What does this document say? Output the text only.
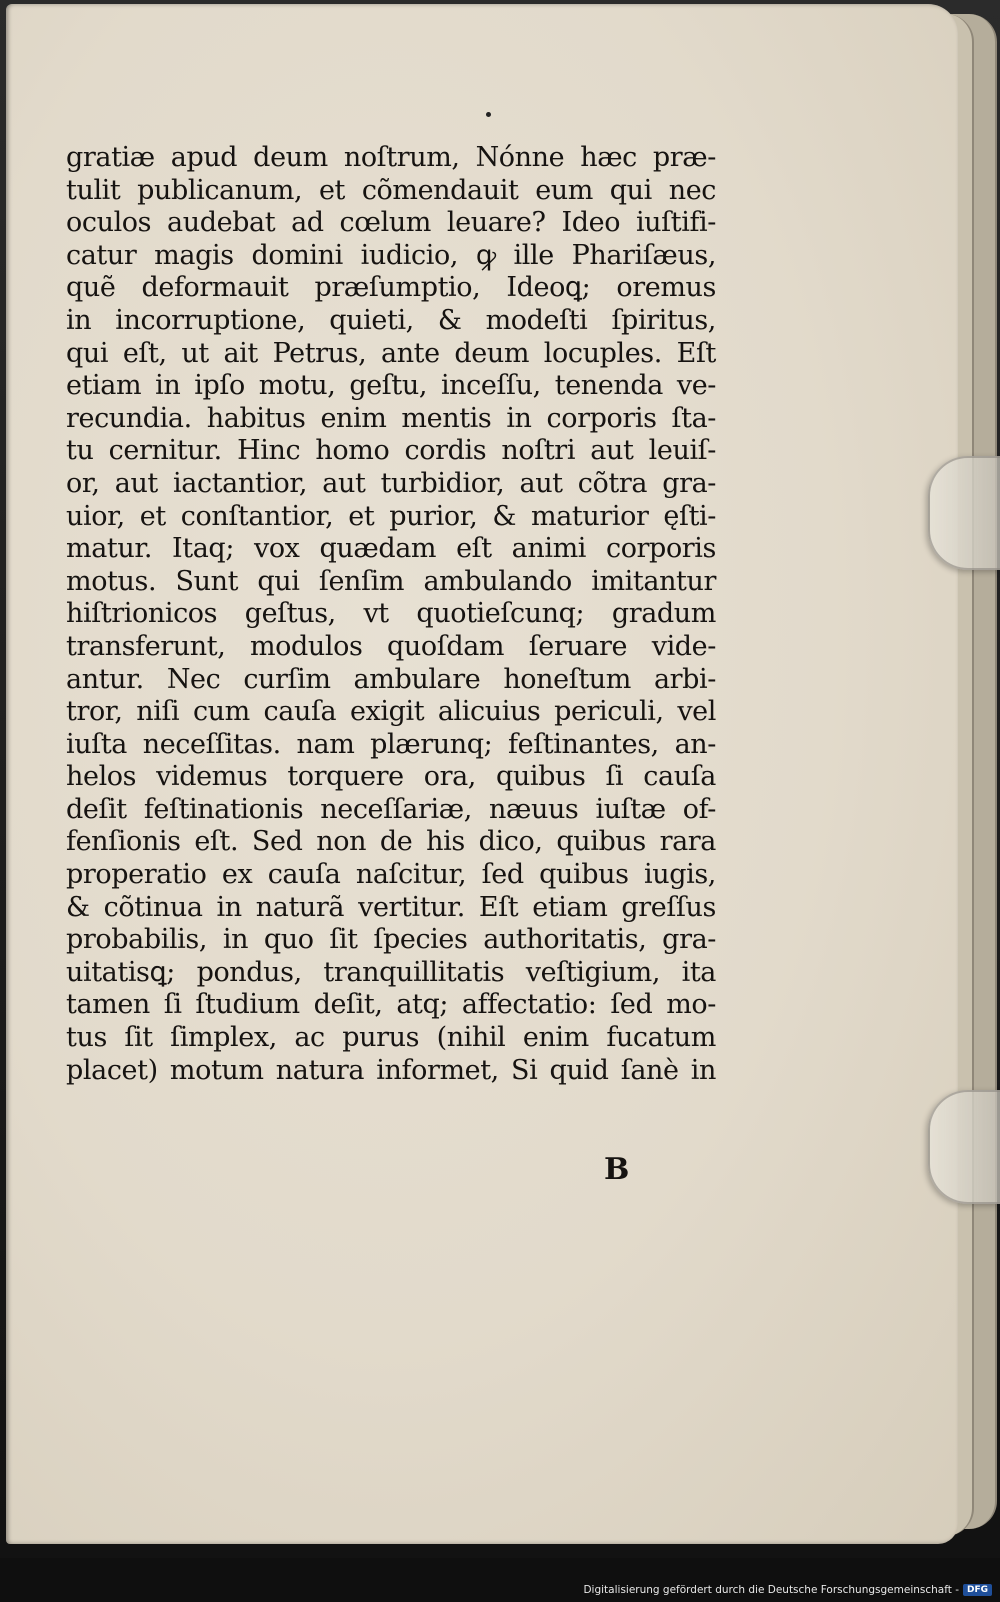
gratiæ apud deum noſtrum, Nónne hæc præ-
tulit publicanum, et cõmendauit eum qui nec
oculos audebat ad cœlum leuare? Ideo iuſtifi-
catur magis domini iudicio, ꝙ ille Phariſæus,
quẽ deformauit præſumptio, Ideoꝗ; oremus
in incorruptione, quieti, & modeſti ſpiritus,
qui eſt, ut ait Petrus, ante deum locuples. Eſt
etiam in ipſo motu, geſtu, inceſſu, tenenda ve-
recundia. habitus enim mentis in corporis ſta-
tu cernitur. Hinc homo cordis noſtri aut leuiſ-
or, aut iactantior, aut turbidior, aut cõtra gra-
uior, et conſtantior, et purior, & maturior ęſti-
matur. Itaq; vox quædam eſt animi corporis
motus. Sunt qui ſenſim ambulando imitantur
hiſtrionicos geſtus, vt quotieſcunq; gradum
transferunt, modulos quoſdam ſeruare vide-
antur. Nec curſim ambulare honeſtum arbi-
tror, niſi cum cauſa exigit alicuius periculi, vel
iuſta neceſſitas. nam plærunq; feſtinantes, an-
helos videmus torquere ora, quibus ſi cauſa
deſit feſtinationis neceſſariæ, næuus iuſtæ of-
fenſionis eſt. Sed non de his dico, quibus rara
properatio ex cauſa naſcitur, ſed quibus iugis,
& cõtinua in naturã vertitur. Eſt etiam greſſus
probabilis, in quo ſit ſpecies authoritatis, gra-
uitatisꝗ; pondus, tranquillitatis veſtigium, ita
tamen ſi ſtudium deſit, atq; affectatio: ſed mo-
tus ſit ſimplex, ac purus (nihil enim fucatum
placet) motum natura informet, Si quid ſanè in
B
Digitalisierung gefördert durch die Deutsche Forschungsgemeinschaft - DFG
